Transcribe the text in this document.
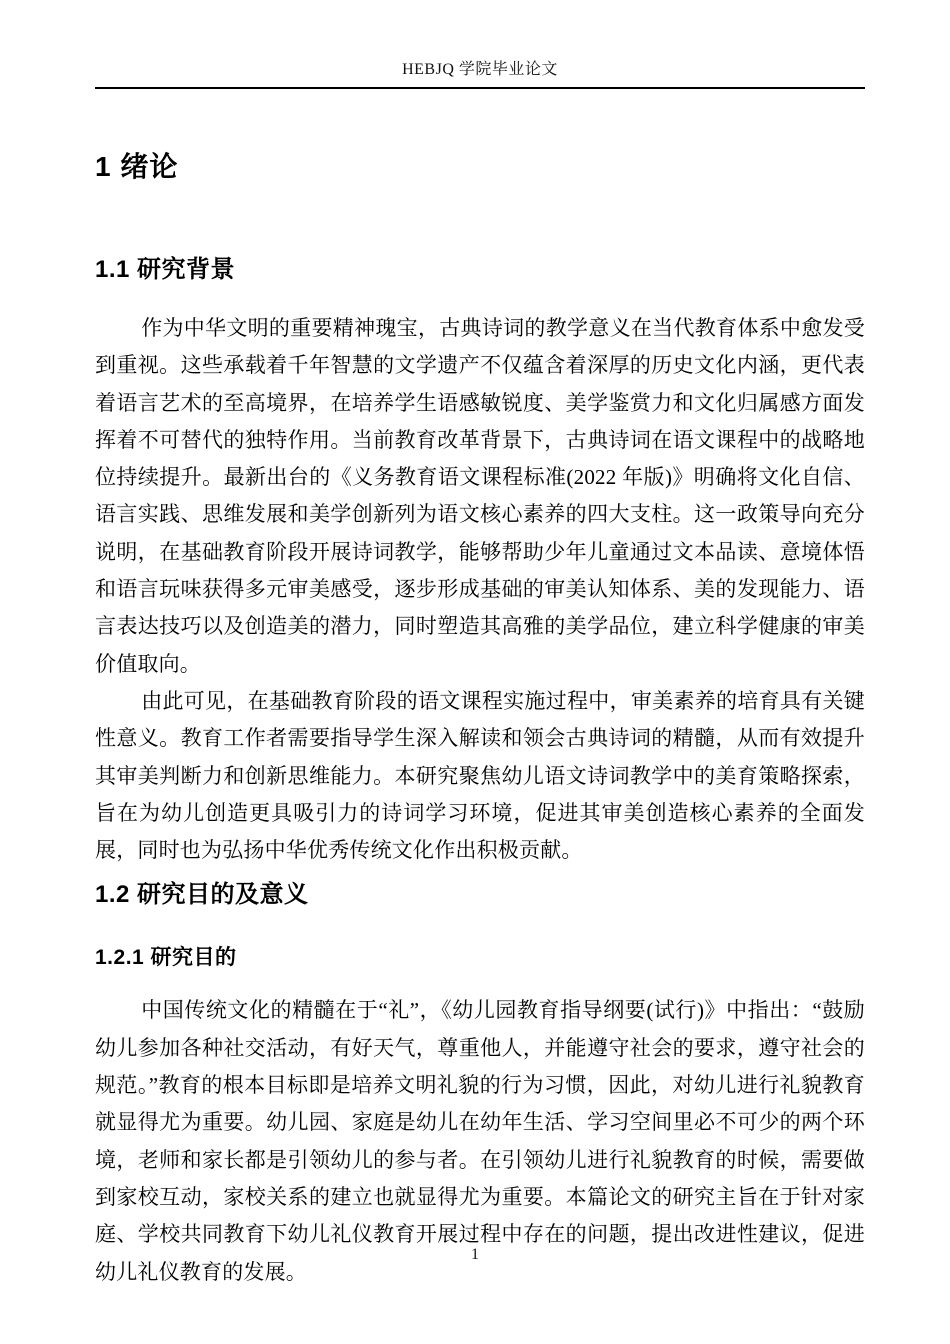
HEBJQ 学院毕业论文
1 绪论
1.1 研究背景

作为中华文明的重要精神瑰宝，古典诗词的教学意义在当代教育体系中愈发受到重视。这些承载着千年智慧的文学遗产不仅蕴含着深厚的历史文化内涵，更代表着语言艺术的至高境界，在培养学生语感敏锐度、美学鉴赏力和文化归属感方面发挥着不可替代的独特作用。当前教育改革背景下，古典诗词在语文课程中的战略地位持续提升。最新出台的《义务教育语文课程标准(2022 年版)》明确将文化自信、语言实践、思维发展和美学创新列为语文核心素养的四大支柱。这一政策导向充分说明，在基础教育阶段开展诗词教学，能够帮助少年儿童通过文本品读、意境体悟和语言玩味获得多元审美感受，逐步形成基础的审美认知体系、美的发现能力、语言表达技巧以及创造美的潜力，同时塑造其高雅的美学品位，建立科学健康的审美价值取向。

由此可见，在基础教育阶段的语文课程实施过程中，审美素养的培育具有关键性意义。教育工作者需要指导学生深入解读和领会古典诗词的精髓，从而有效提升其审美判断力和创新思维能力。本研究聚焦幼儿语文诗词教学中的美育策略探索，旨在为幼儿创造更具吸引力的诗词学习环境，促进其审美创造核心素养的全面发展，同时也为弘扬中华优秀传统文化作出积极贡献。

1.2 研究目的及意义
1.2.1 研究目的

中国传统文化的精髓在于“礼”，《幼儿园教育指导纲要(试行)》中指出：“鼓励幼儿参加各种社交活动，有好天气，尊重他人，并能遵守社会的要求，遵守社会的规范。”教育的根本目标即是培养文明礼貌的行为习惯，因此，对幼儿进行礼貌教育就显得尤为重要。幼儿园、家庭是幼儿在幼年生活、学习空间里必不可少的两个环境，老师和家长都是引领幼儿的参与者。在引领幼儿进行礼貌教育的时候，需要做到家校互动，家校关系的建立也就显得尤为重要。本篇论文的研究主旨在于针对家庭、学校共同教育下幼儿礼仪教育开展过程中存在的问题，提出改进性建议，促进幼儿礼仪教育的发展。

1
